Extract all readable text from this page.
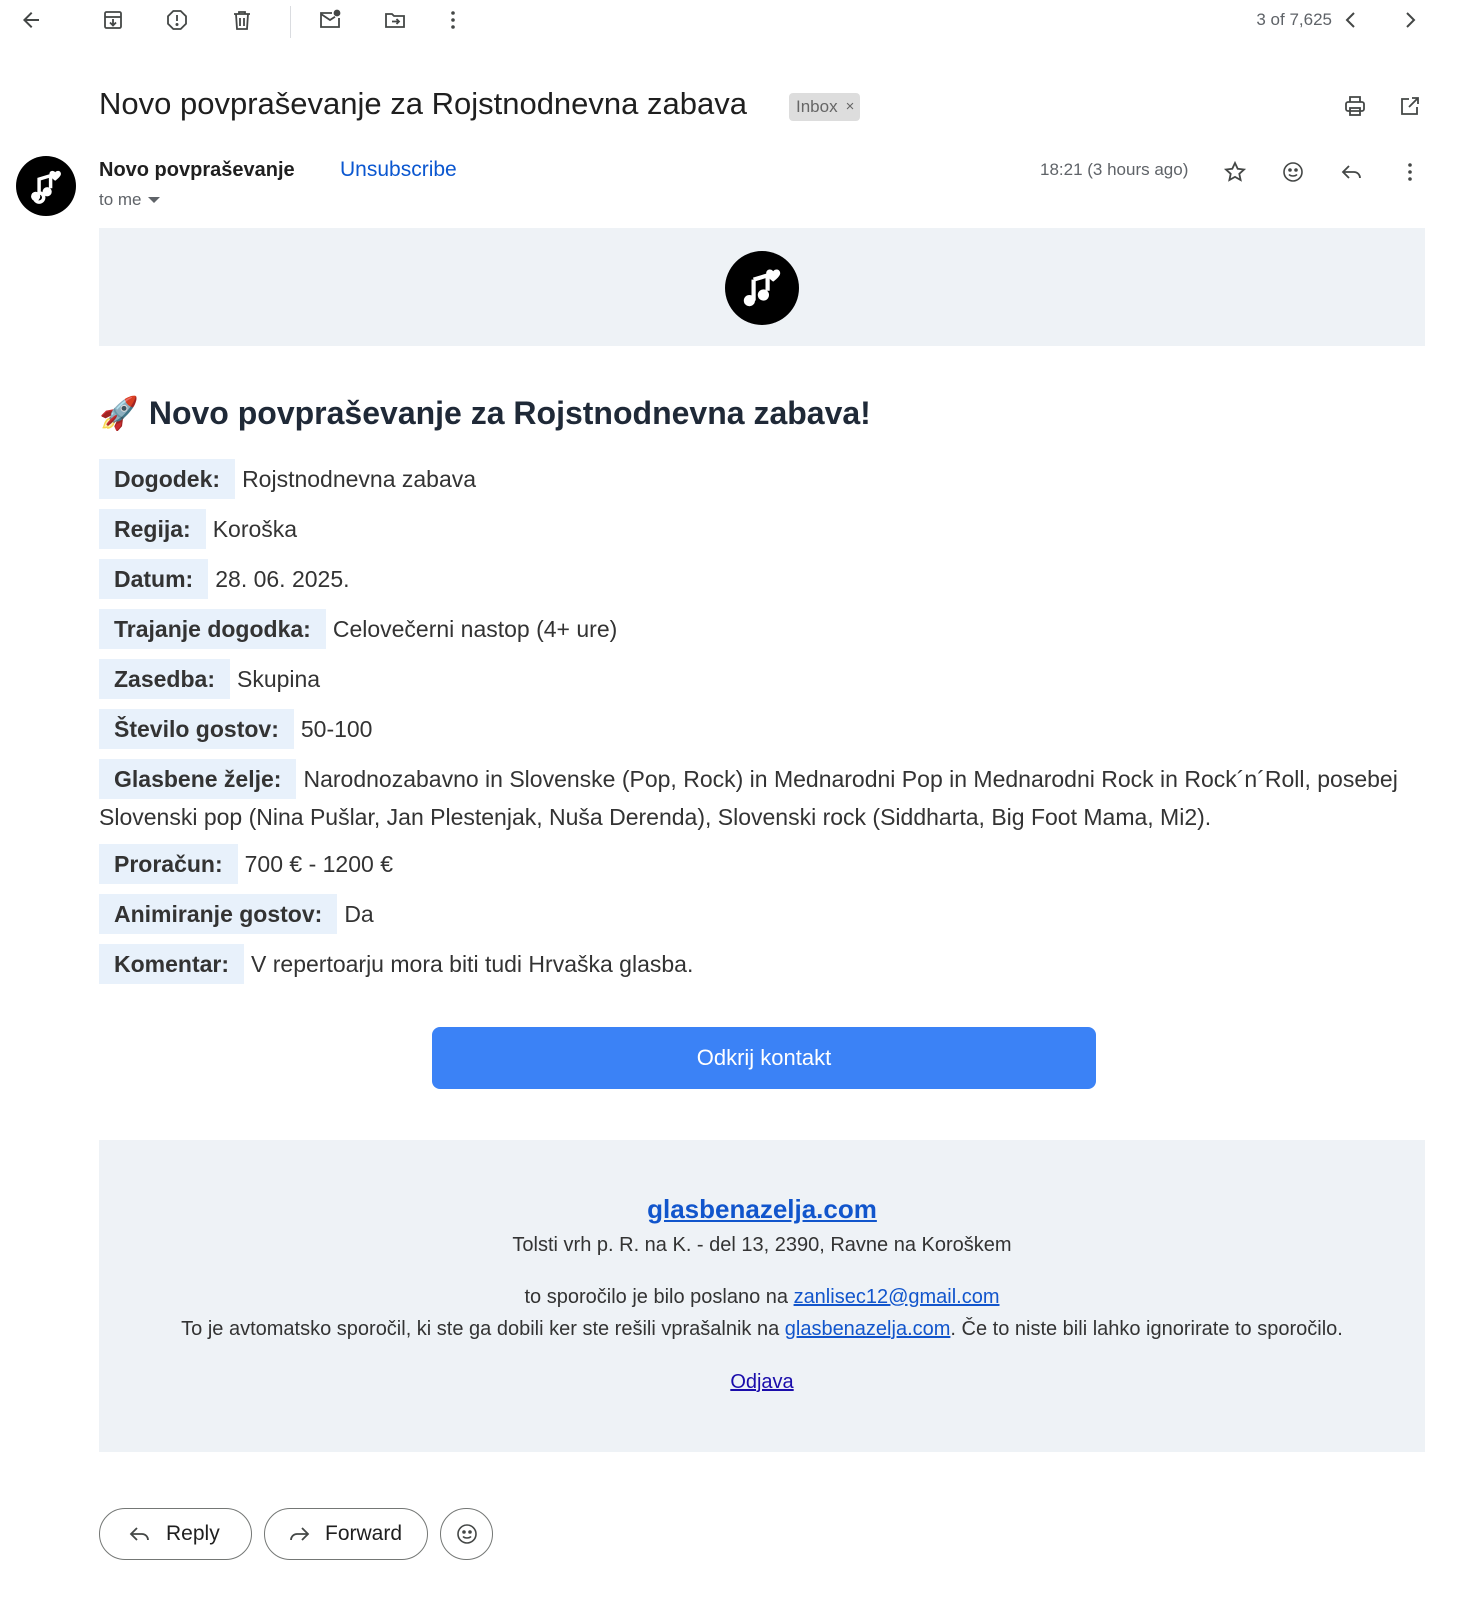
3 of 7,625
Novo povpraševanje za Rojstnodnevna zabava	Inbox ×
Novo povpraševanje Unsubscribe
to me
18:21 (3 hours ago)
🚀 Novo povpraševanje za Rojstnodnevna zabava!
Dogodek: Rojstnodnevna zabava
Regija: Koroška
Datum: 28. 06. 2025.
Trajanje dogodka: Celovečerni nastop (4+ ure)
Zasedba: Skupina
Število gostov: 50-100
Glasbene želje: Narodnozabavno in Slovenske (Pop, Rock) in Mednarodni Pop in Mednarodni Rock in Rock´n´Roll, posebej Slovenski pop (Nina Pušlar, Jan Plestenjak, Nuša Derenda), Slovenski rock (Siddharta, Big Foot Mama, Mi2).
Proračun: 700 € - 1200 €
Animiranje gostov: Da
Komentar: V repertoarju mora biti tudi Hrvaška glasba.
Odkrij kontakt
glasbenazelja.com
Tolsti vrh p. R. na K. - del 13, 2390, Ravne na Koroškem
to sporočilo je bilo poslano na zanlisec12@gmail.com
To je avtomatsko sporočil, ki ste ga dobili ker ste rešili vprašalnik na glasbenazelja.com. Če to niste bili lahko ignorirate to sporočilo.
Odjava
Reply	Forward
